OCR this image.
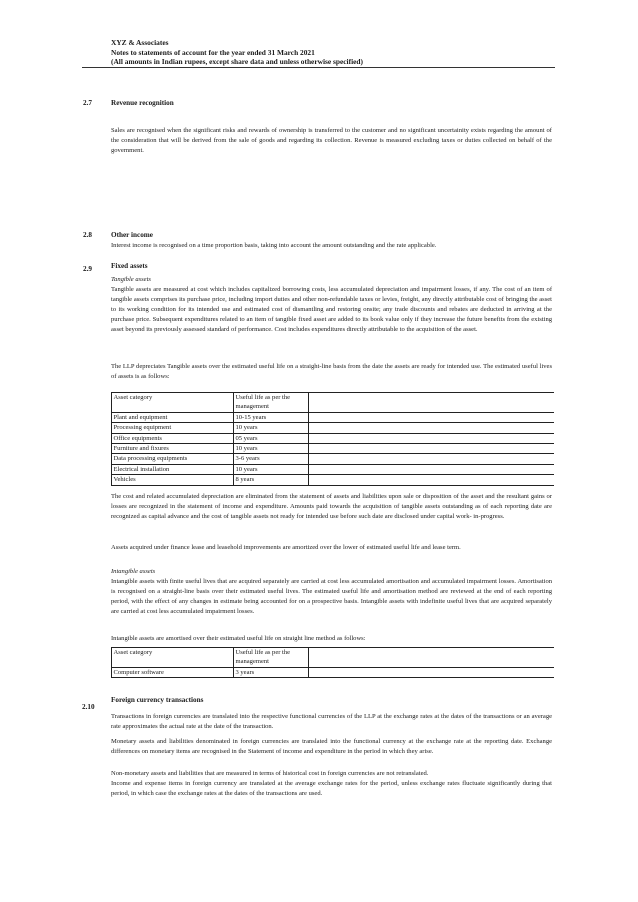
XYZ & Associates
Notes to statements of account for the year ended 31 March 2021
(All amounts in Indian rupees, except share data and unless otherwise specified)
2.7	Revenue recognition

Sales are recognised when the significant risks and rewards of ownership is transferred to the customer and no significant uncertainity exists regarding the amount of the consideration that will be derived from the sale of goods and regarding its collection. Revenue is measured excluding taxes or duties collected on behalf of the government.

2.8	Other income

Interest income is recognised on a time proportion basis, taking into account the amount outstanding and the rate applicable.

2.9	Fixed assets
Tangible assets

Tangible assets are measured at cost which includes capitalized borrowing costs, less accumulated depreciation and impairment losses, if any. The cost of an item of tangible assets comprises its purchase price, including import duties and other non-refundable taxes or levies, freight, any directly attributable cost of bringing the asset to its working condition for its intended use and estimated cost of dismantling and restoring onsite; any trade discounts and rebates are deducted in arriving at the purchase price. Subsequent expenditures related to an item of tangible fixed asset are added to its book value only if they increase the future benefits from the existing asset beyond its previously assessed standard of performance. Cost includes expenditures directly attributable to the acquisition of the asset.

The LLP depreciates Tangible assets over the estimated useful life on a straight-line basis from the date the assets are ready for intended use. The estimated useful lives of assets is as follows:

Asset category	Useful life as per the management	
Plant and equipment	10-15 years	
Processing equipment	10 years	
Office equipments	05 years	
Furniture and fixures	10 years	
Data processing equipments	3-6 years	
Electrical installation	10 years	
Vehicles	8 years	

The cost and related accumulated depreciation are eliminated from the statement of assets and liabilities upon sale or disposition of the asset and the resultant gains or losses are recognized in the statement of income and expenditure. Amounts paid towards the acquisition of tangible assets outstanding as of each reporting date are recognized as capital advance and the cost of tangible assets not ready for intended use before such date are disclosed under capital work- in-progress.

Assets acquired under finance lease and leasehold improvements are amortized over the lower of estimated useful life and lease term.

Intangible assets

Intangible assets with finite useful lives that are acquired separately are carried at cost less accumulated amortisation and accumulated impairment losses. Amortisation is recognised on a straight-line basis over their estimated useful lives. The estimated useful life and amortisation method are reviewed at the end of each reporting period, with the effect of any changes in estimate being accounted for on a prospective basis. Intangible assets with indefinite useful lives that are acquired separately are carried at cost less accumulated impairment losses.

Intangible assets are amortised over their estimated useful life on straight line method as follows:

Asset category	Useful life as per the management	
Computer software	3 years	
2.10
Foreign currency transactions

Transactions in foreign currencies are translated into the respective functional currencies of the LLP at the exchange rates at the dates of the transactions or an average rate approximates the actual rate at the date of the transaction.

Monetary assets and liabilities denominated in foreign currencies are translated into the functional currency at the exchange rate at the reporting date. Exchange differences on monetary items are recognised in the Statement of income and expenditure in the period in which they arise.

Non-monetary assets and liabilities that are measured in terms of historical cost in foreign currencies are not retranslated.

Income and expense items in foreign currency are translated at the average exchange rates for the period, unless exchange rates fluctuate significantly during that period, in which case the exchange rates at the dates of the transactions are used.
